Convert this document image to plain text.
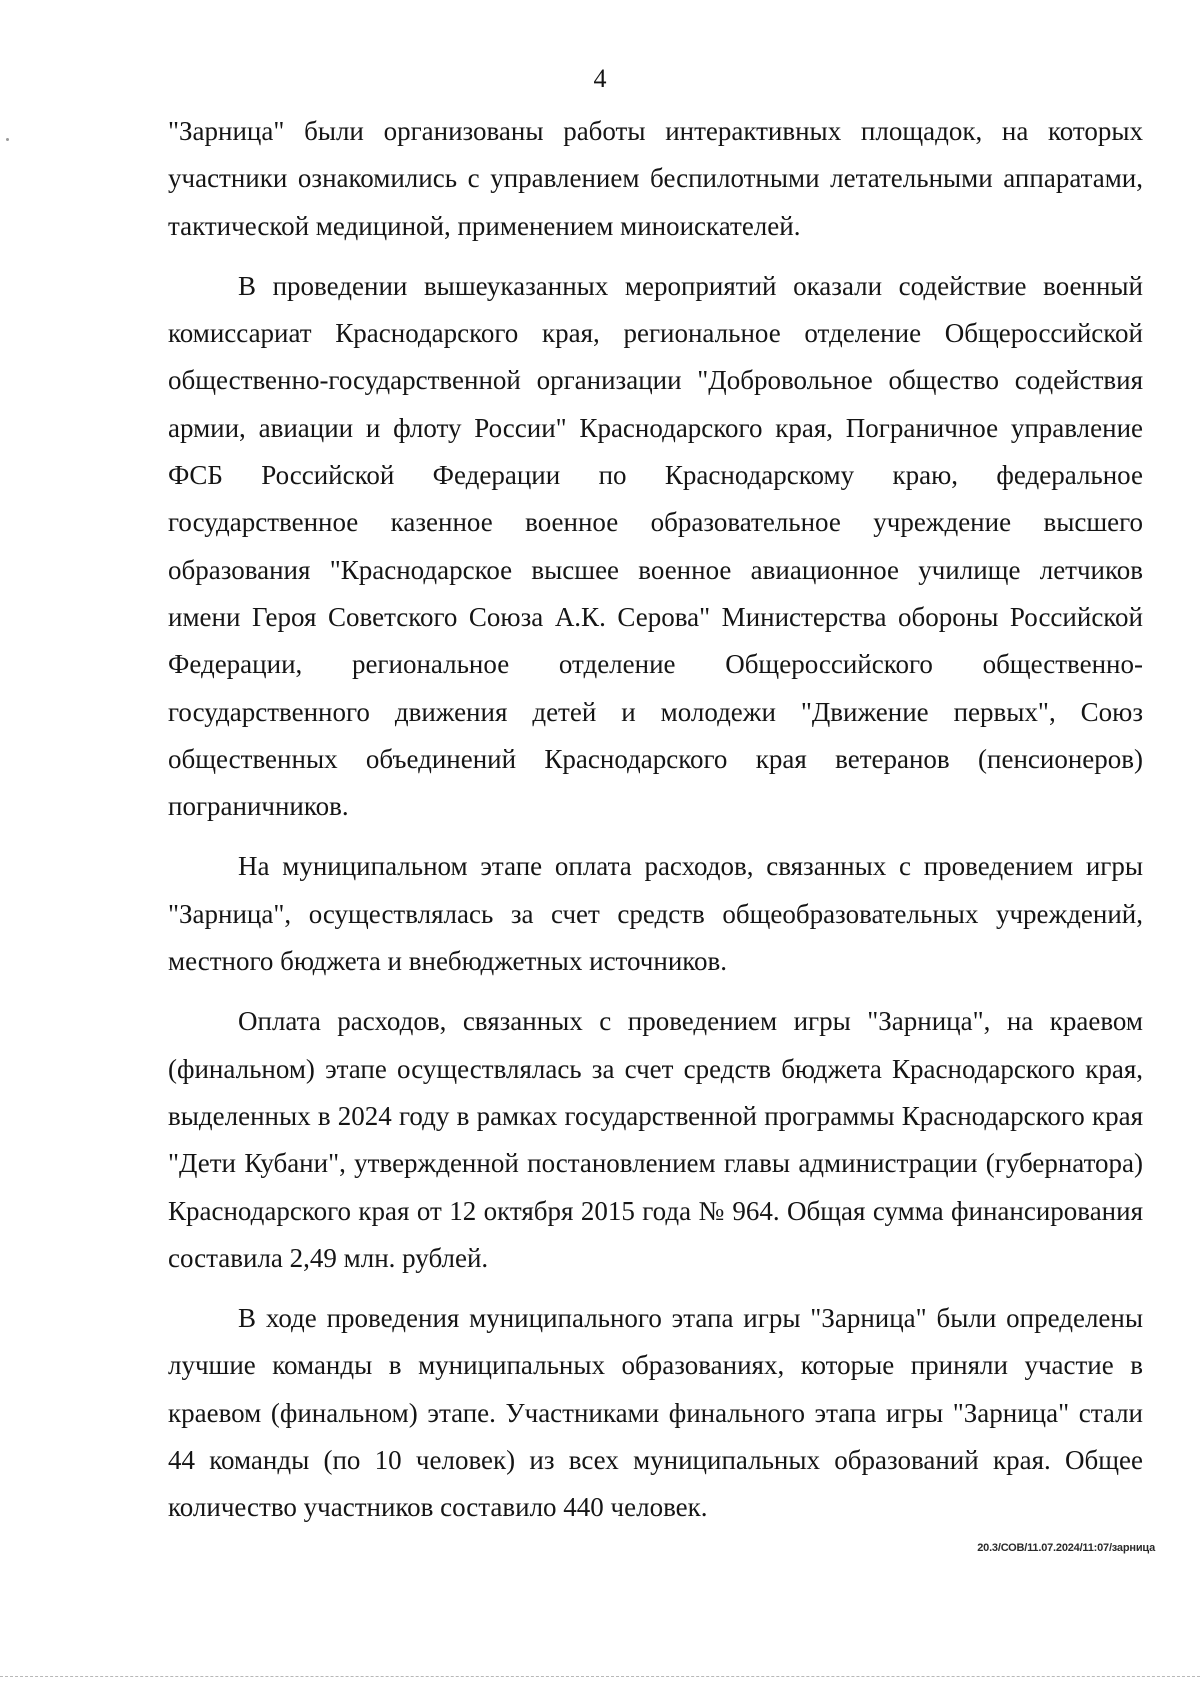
4

"Зарница" были организованы работы интерактивных площадок, на которых участники ознакомились с управлением беспилотными летательными аппаратами, тактической медициной, применением миноискателей.

В проведении вышеуказанных мероприятий оказали содействие военный комиссариат Краснодарского края, региональное отделение Общероссийской общественно-государственной организации "Добровольное общество содействия армии, авиации и флоту России" Краснодарского края, Пограничное управление ФСБ Российской Федерации по Краснодарскому краю, федеральное государственное казенное военное образовательное учреждение высшего образования "Краснодарское высшее военное авиационное училище летчиков имени Героя Советского Союза А.К. Серова" Министерства обороны Российской Федерации, региональное отделение Общероссийского общественно-государственного движения детей и молодежи "Движение первых", Союз общественных объединений Краснодарского края ветеранов (пенсионеров) пограничников.

На муниципальном этапе оплата расходов, связанных с проведением игры "Зарница", осуществлялась за счет средств общеобразовательных учреждений, местного бюджета и внебюджетных источников.

Оплата расходов, связанных с проведением игры "Зарница", на краевом (финальном) этапе осуществлялась за счет средств бюджета Краснодарского края, выделенных в 2024 году в рамках государственной программы Краснодарского края "Дети Кубани", утвержденной постановлением главы администрации (губернатора) Краснодарского края от 12 октября 2015 года № 964. Общая сумма финансирования составила 2,49 млн. рублей.

В ходе проведения муниципального этапа игры "Зарница" были определены лучшие команды в муниципальных образованиях, которые приняли участие в краевом (финальном) этапе. Участниками финального этапа игры "Зарница" стали 44 команды (по 10 человек) из всех муниципальных образований края. Общее количество участников составило 440 человек.

20.3/СОВ/11.07.2024/11:07/зарница
